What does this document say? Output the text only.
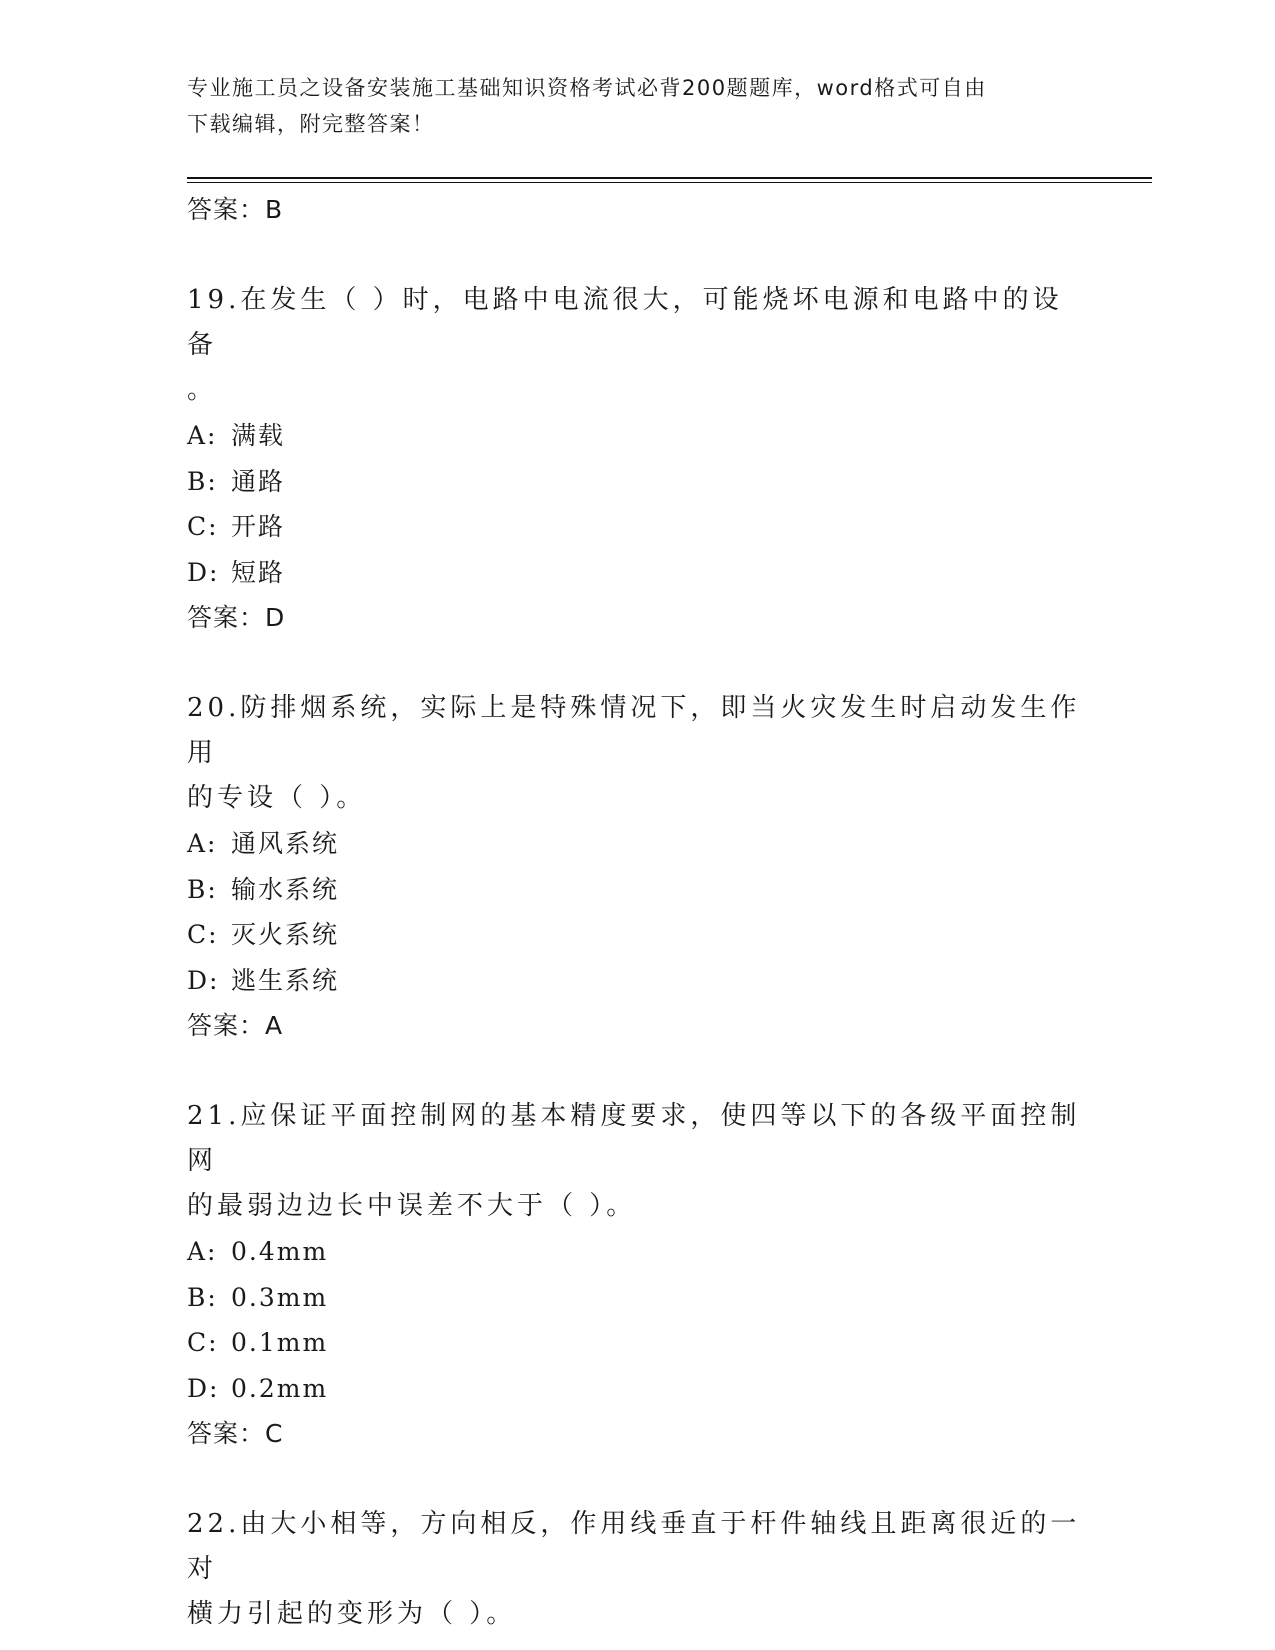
专业施工员之设备安装施工基础知识资格考试必背200题题库，word格式可自由
下载编辑，附完整答案！
答案：B
19.在发生（ ）时，电路中电流很大，可能烧坏电源和电路中的设备
。
A: 满载
B: 通路
C: 开路
D: 短路
答案：D
20.防排烟系统，实际上是特殊情况下，即当火灾发生时启动发生作用
的专设（ ）。
A: 通风系统
B: 输水系统
C: 灭火系统
D: 逃生系统
答案：A
21.应保证平面控制网的基本精度要求，使四等以下的各级平面控制网
的最弱边边长中误差不大于（ ）。
A: 0.4mm
B: 0.3mm
C: 0.1mm
D: 0.2mm
答案：C
22.由大小相等，方向相反，作用线垂直于杆件轴线且距离很近的一对
横力引起的变形为（ ）。
